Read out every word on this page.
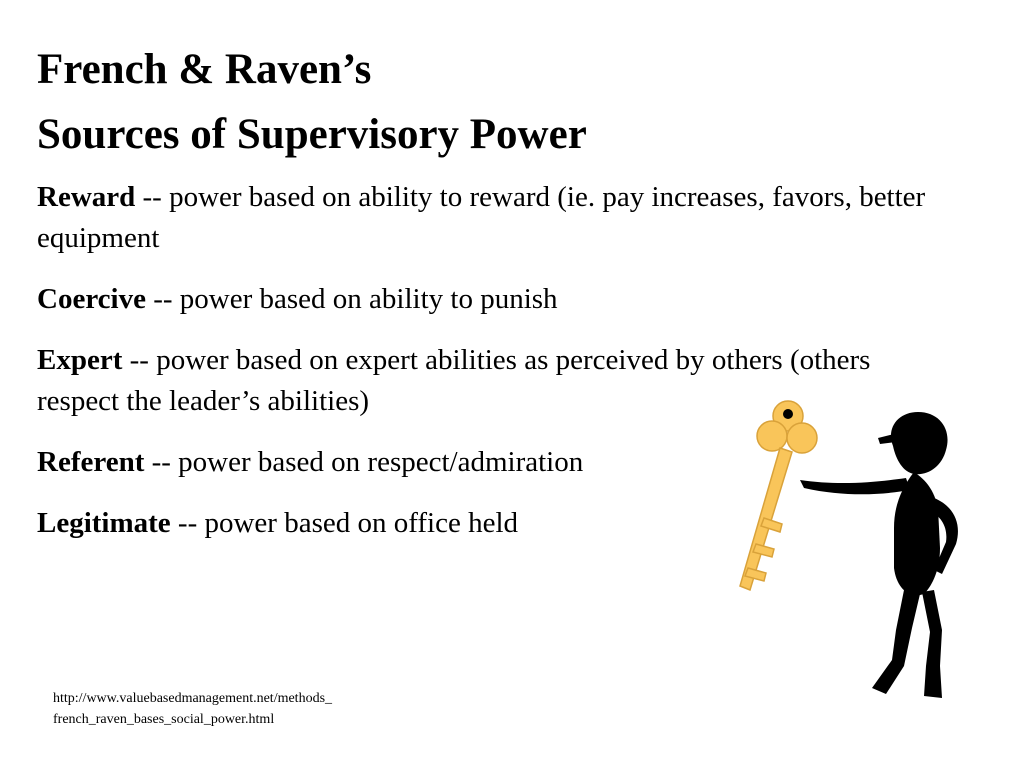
French & Raven’s
Sources of Supervisory Power

Reward -- power based on ability to reward (ie. pay increases, favors, better equipment

Coercive -- power based on ability to punish

Expert -- power based on expert abilities as perceived by others (others respect the leader’s abilities)

Referent -- power based on respect/admiration

Legitimate -- power based on office held

http://www.valuebasedmanagement.net/methods_
french_raven_bases_social_power.html
